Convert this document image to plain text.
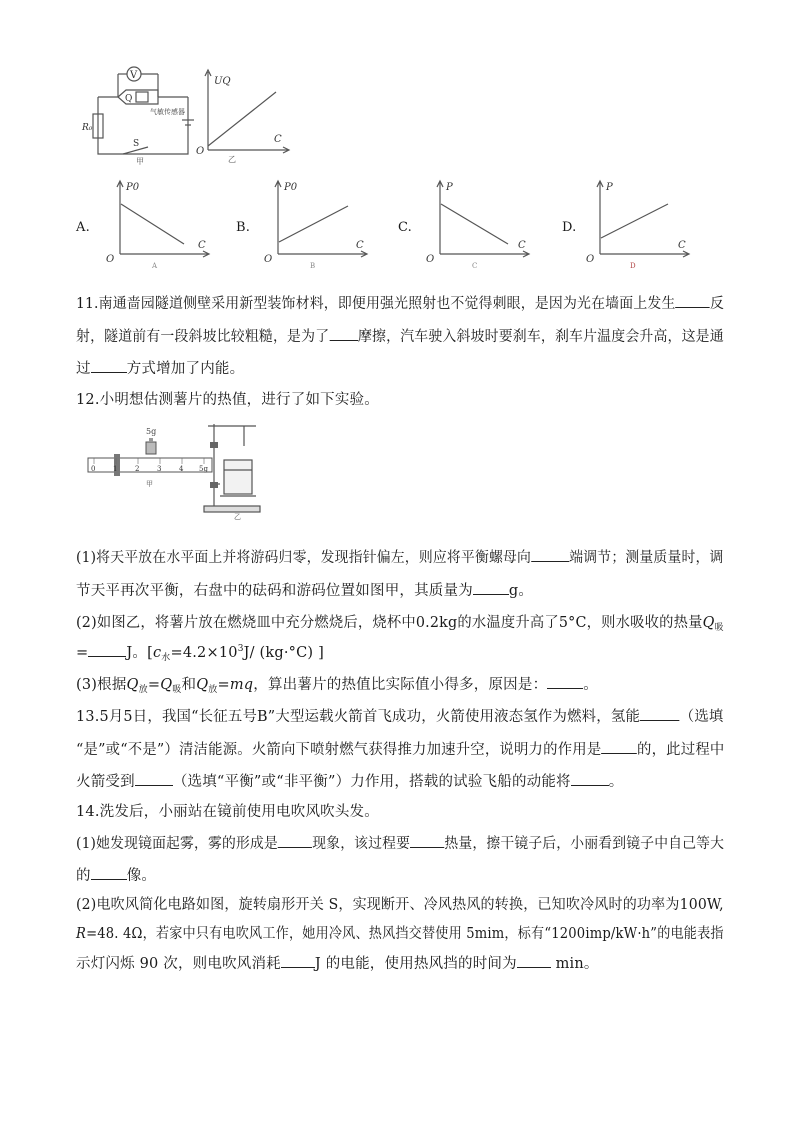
V
Q
气敏传感器
R₀
S
甲
UQ
C
O
乙
A.
P0
C
O
A
B.
P0
C
O
B
C.
P
C
O
C
D.
P
C
O
D
11.南通啬园隧道侧壁采用新型装饰材料，即便用强光照射也不觉得刺眼，是因为光在墙面上发生 反
射，隧道前有一段斜坡比较粗糙，是为了 摩擦，汽车驶入斜坡时要刹车，刹车片温度会升高，这是通
过 方式增加了内能。
12.小明想估测薯片的热值，进行了如下实验。
5g
0	1	2	3	4 5g
甲
乙
(1)将天平放在水平面上并将游码归零，发现指针偏左，则应将平衡螺母向	端调节；测量质量时，调
节天平再次平衡，右盘中的砝码和游码位置如图甲，其质量为 g。
(2)如图乙，将薯片放在燃烧皿中充分燃烧后，烧杯中0.2kg的水温度升高了5°C，则水吸收的热量$Q_吸$
=	J。[$c_水=4.2\times 10^3J/$ (kg·°C) ]
(3)根据$Q_放=Q_吸$和$Q_放=mq$，算出薯片的热值比实际值小得多，原因是： 。
13.5月5日，我国“长征五号B”大型运载火箭首飞成功，火箭使用液态氢作为燃料，氢能	（选填
“是”或“不是”）清洁能源。火箭向下喷射燃气获得推力加速升空，说明力的作用是 的，此过程中
火箭受到	（选填“平衡”或“非平衡”）力作用，搭载的试验飞船的动能将	。
14.洗发后，小丽站在镜前使用电吹风吹头发。
(1)她发现镜面起雾，雾的形成是 现象，该过程要 热量，擦干镜子后，小丽看到镜子中自己等大
的 像。
(2)电吹风简化电路如图，旋转扇形开关 S，实现断开、冷风热风的转换，已知吹冷风时的功率为100W,
R=48. 4Ω，若家中只有电吹风工作，她用冷风、热风挡交替使用 5mim，标有“1200imp/kW·h”的电能表指
示灯闪烁 90 次，则电吹风消耗 J 的电能，使用热风挡的时间为 min。
